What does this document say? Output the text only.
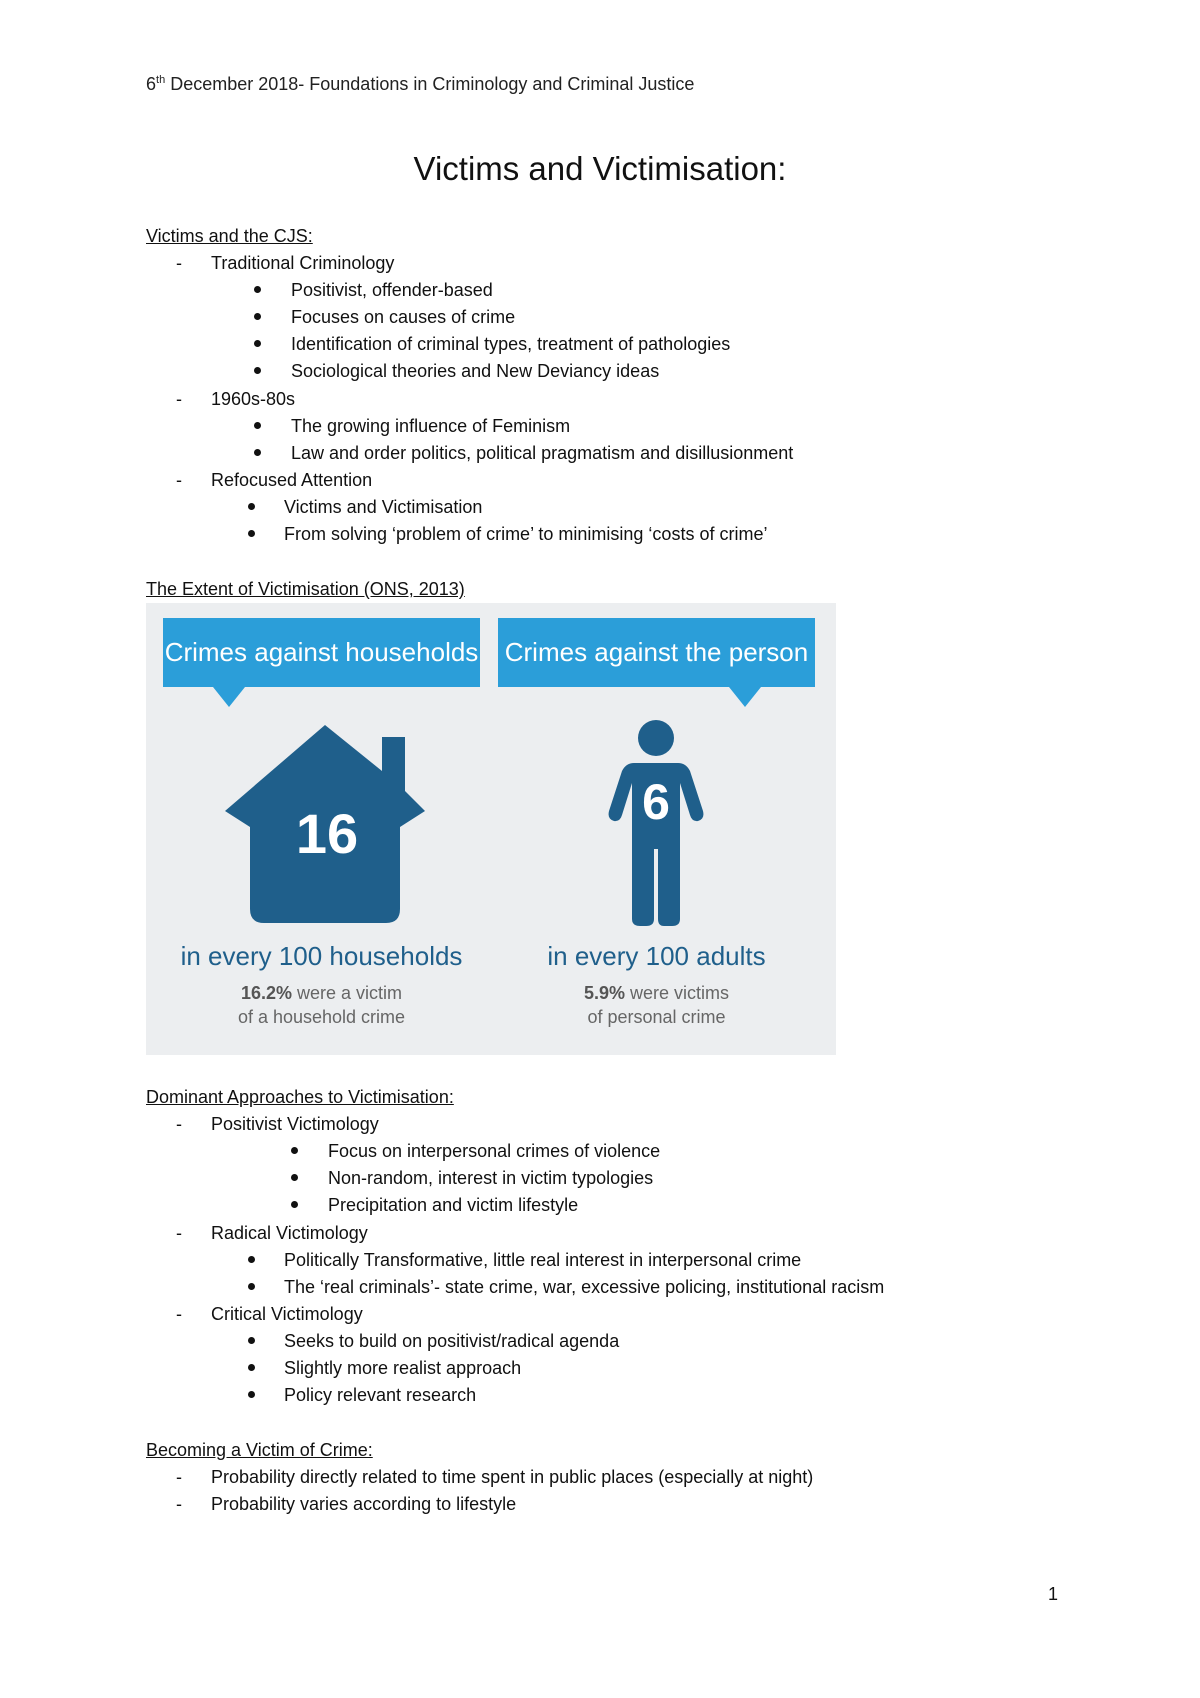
6th December 2018- Foundations in Criminology and Criminal Justice
Victims and Victimisation:
Victims and the CJS:
- Traditional Criminology
Positivist, offender-based
Focuses on causes of crime
Identification of criminal types, treatment of pathologies
Sociological theories and New Deviancy ideas
- 1960s-80s
The growing influence of Feminism
Law and order politics, political pragmatism and disillusionment
- Refocused Attention
Victims and Victimisation
From solving ‘problem of crime’ to minimising ‘costs of crime’
The Extent of Victimisation (ONS, 2013)
Crimes against households Crimes against the person
16	6
in every 100 households	in every 100 adults
16.2% were a victim
of a household crime
5.9% were victims
of personal crime
Dominant Approaches to Victimisation:
- Positivist Victimology
Focus on interpersonal crimes of violence
Non-random, interest in victim typologies
Precipitation and victim lifestyle
- Radical Victimology
Politically Transformative, little real interest in interpersonal crime
The ‘real criminals’- state crime, war, excessive policing, institutional racism
- Critical Victimology
Seeks to build on positivist/radical agenda
Slightly more realist approach
Policy relevant research
Becoming a Victim of Crime:
- Probability directly related to time spent in public places (especially at night)
- Probability varies according to lifestyle
1
